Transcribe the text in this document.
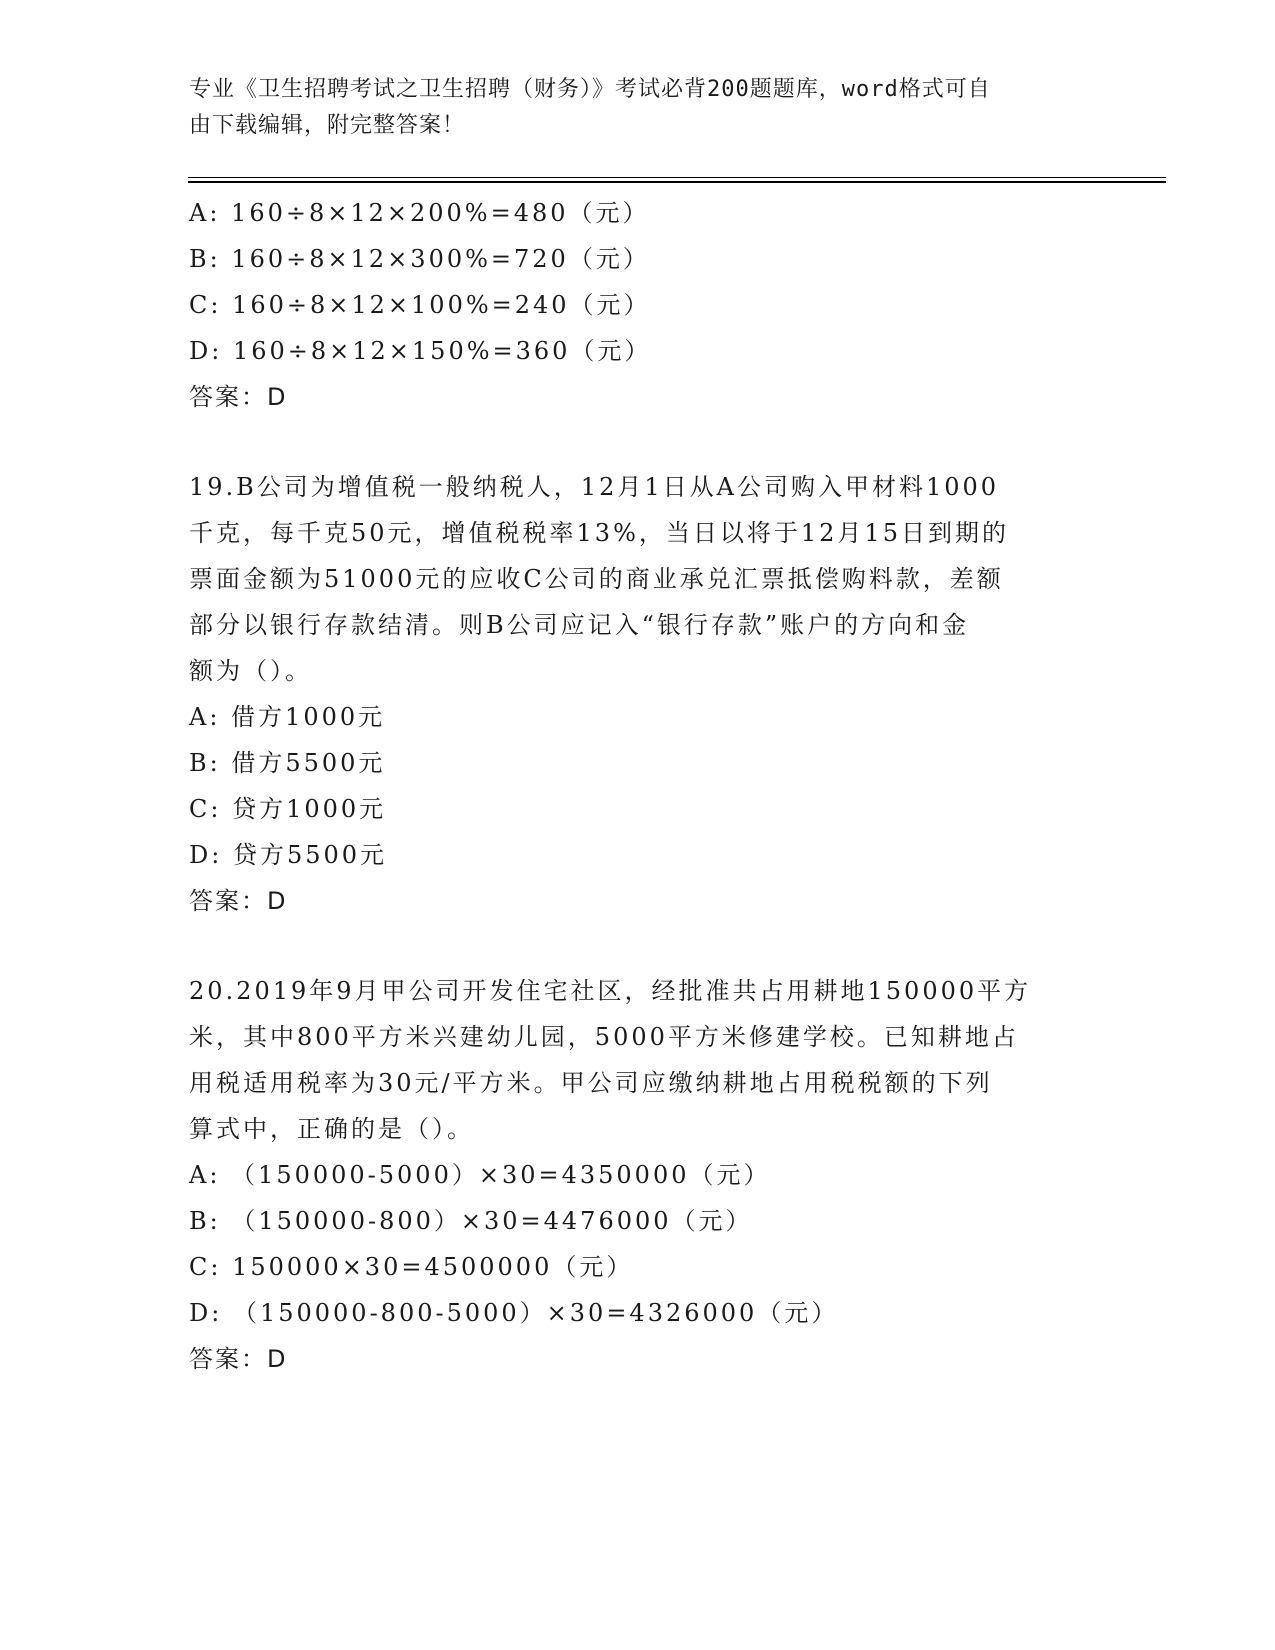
专业《卫生招聘考试之卫生招聘（财务）》考试必背200题题库，word格式可自
由下载编辑，附完整答案！
A: 160÷8×12×200%=480（元）
B: 160÷8×12×300%=720（元）
C: 160÷8×12×100%=240（元）
D: 160÷8×12×150%=360（元）
答案：D
19.B公司为增值税一般纳税人，12月1日从A公司购入甲材料1000
千克，每千克50元，增值税税率13%，当日以将于12月15日到期的
票面金额为51000元的应收C公司的商业承兑汇票抵偿购料款，差额
部分以银行存款结清。则B公司应记入“银行存款”账户的方向和金
额为（）。
A: 借方1000元
B: 借方5500元
C: 贷方1000元
D: 贷方5500元
答案：D
20.2019年9月甲公司开发住宅社区，经批准共占用耕地150000平方
米，其中800平方米兴建幼儿园，5000平方米修建学校。已知耕地占
用税适用税率为30元/平方米。甲公司应缴纳耕地占用税税额的下列
算式中，正确的是（）。
A: （150000-5000）×30=4350000（元）
B: （150000-800）×30=4476000（元）
C: 150000×30=4500000（元）
D: （150000-800-5000）×30=4326000（元）
答案：D
